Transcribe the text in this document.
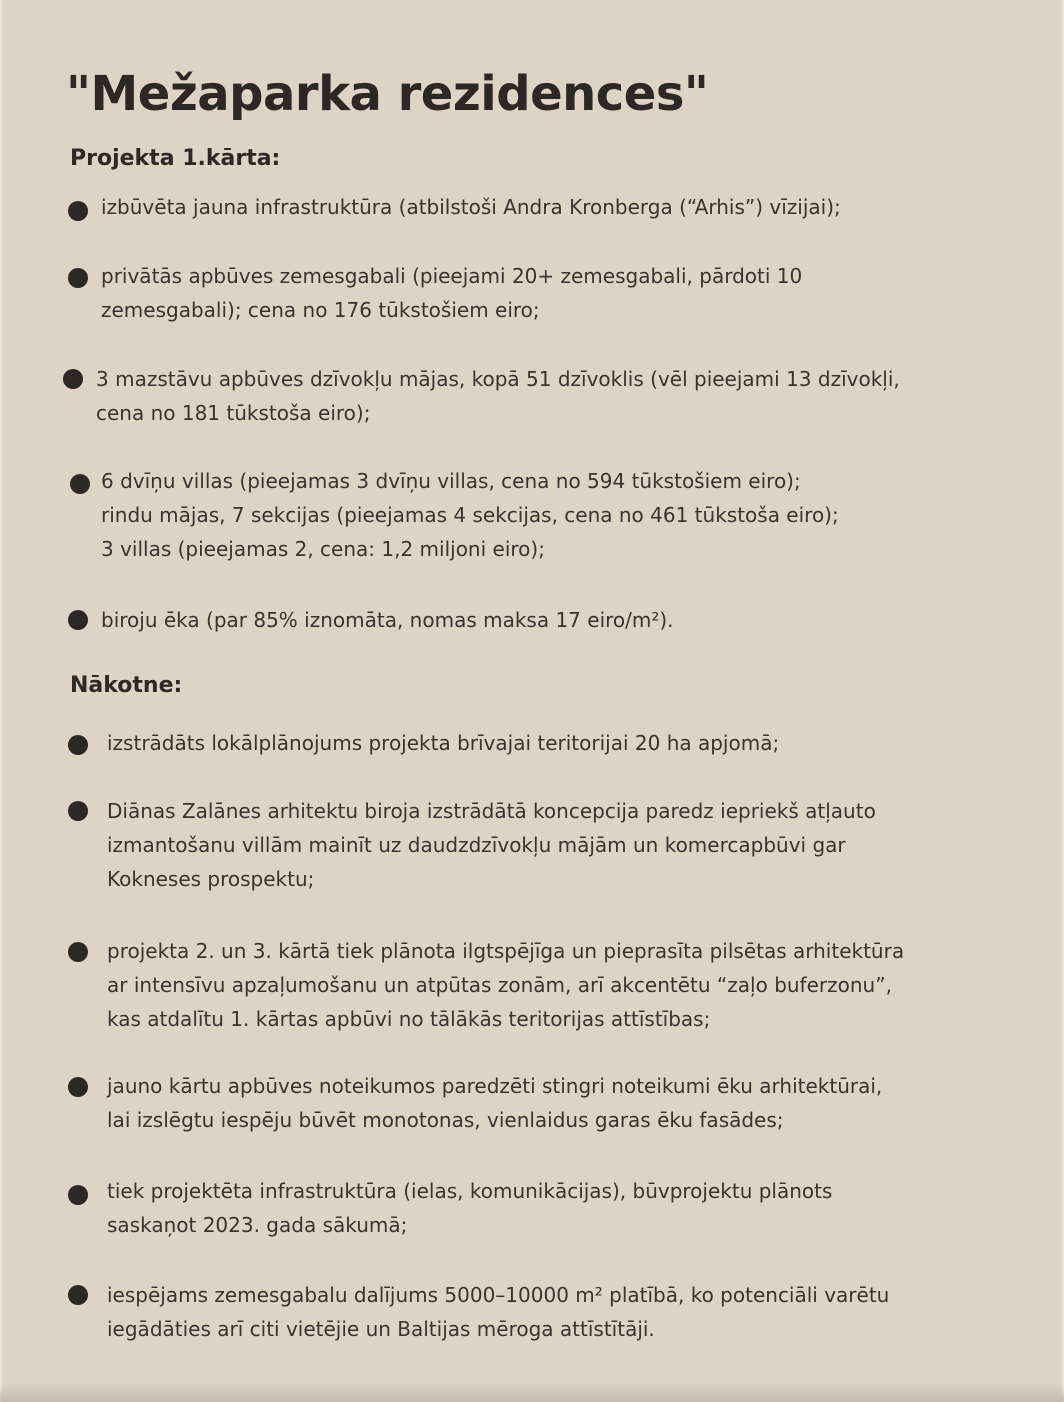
"Mežaparka rezidences"
Projekta 1.kārta:
izbūvēta jauna infrastruktūra (atbilstoši Andra Kronberga (“Arhis”) vīzijai);
privātās apbūves zemesgabali (pieejami 20+ zemesgabali, pārdoti 10
zemesgabali); cena no 176 tūkstošiem eiro;
3 mazstāvu apbūves dzīvokļu mājas, kopā 51 dzīvoklis (vēl pieejami 13 dzīvokļi,
cena no 181 tūkstoša eiro);
6 dvīņu villas (pieejamas 3 dvīņu villas, cena no 594 tūkstošiem eiro);
rindu mājas, 7 sekcijas (pieejamas 4 sekcijas, cena no 461 tūkstoša eiro);
3 villas (pieejamas 2, cena: 1,2 miljoni eiro);
biroju ēka (par 85% iznomāta, nomas maksa 17 eiro/m²).
Nākotne:
izstrādāts lokālplānojums projekta brīvajai teritorijai 20 ha apjomā;
Diānas Zalānes arhitektu biroja izstrādātā koncepcija paredz iepriekš atļauto
izmantošanu villām mainīt uz daudzdzīvokļu mājām un komercapbūvi gar
Kokneses prospektu;
projekta 2. un 3. kārtā tiek plānota ilgtspējīga un pieprasīta pilsētas arhitektūra
ar intensīvu apzaļumošanu un atpūtas zonām, arī akcentētu “zaļo buferzonu”,
kas atdalītu 1. kārtas apbūvi no tālākās teritorijas attīstības;
jauno kārtu apbūves noteikumos paredzēti stingri noteikumi ēku arhitektūrai,
lai izslēgtu iespēju būvēt monotonas, vienlaidus garas ēku fasādes;
tiek projektēta infrastruktūra (ielas, komunikācijas), būvprojektu plānots
saskaņot 2023. gada sākumā;
iespējams zemesgabalu dalījums 5000–10000 m² platībā, ko potenciāli varētu
iegādāties arī citi vietējie un Baltijas mēroga attīstītāji.
